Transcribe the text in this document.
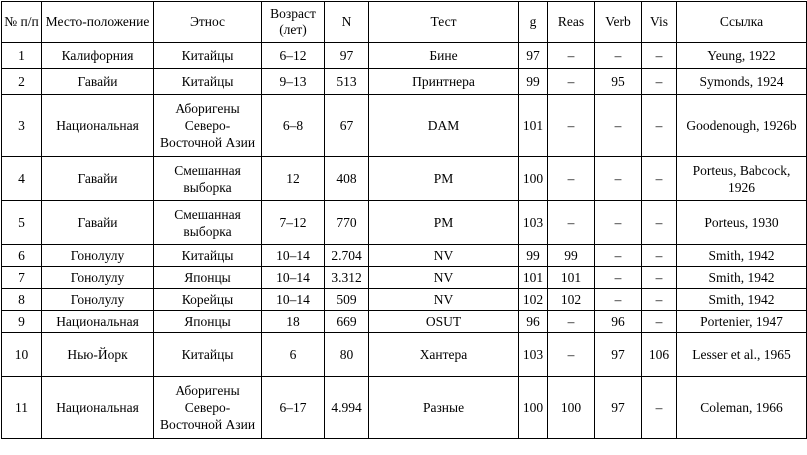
№ п/п	Место-положение	Этнос	Возраст (лет)	N	Тест	g	Reas	Verb	Vis	Ссылка
1	Калифорния	Китайцы	6–12	97	Бине	97	–	–	–	Yeung, 1922
2	Гавайи	Китайцы	9–13	513	Принтнера	99	–	95	–	Symonds, 1924
3	Национальная	Аборигены Северо-Восточной Азии	6–8	67	DAM	101	–	–	–	Goodenough, 1926b
4	Гавайи	Смешанная выборка	12	408	PM	100	–	–	–	Porteus, Babcock, 1926
5	Гавайи	Смешанная выборка	7–12	770	PM	103	–	–	–	Porteus, 1930
6	Гонолулу	Китайцы	10–14	2.704	NV	99	99	–	–	Smith, 1942
7	Гонолулу	Японцы	10–14	3.312	NV	101	101	–	–	Smith, 1942
8	Гонолулу	Корейцы	10–14	509	NV	102	102	–	–	Smith, 1942
9	Национальная	Японцы	18	669	OSUT	96	–	96	–	Portenier, 1947
10	Нью-Йорк	Китайцы	6	80	Хантера	103	–	97	106	Lesser et al., 1965
11	Национальная	Аборигены Северо-Восточной Азии	6–17	4.994	Разные	100	100	97	–	Coleman, 1966
